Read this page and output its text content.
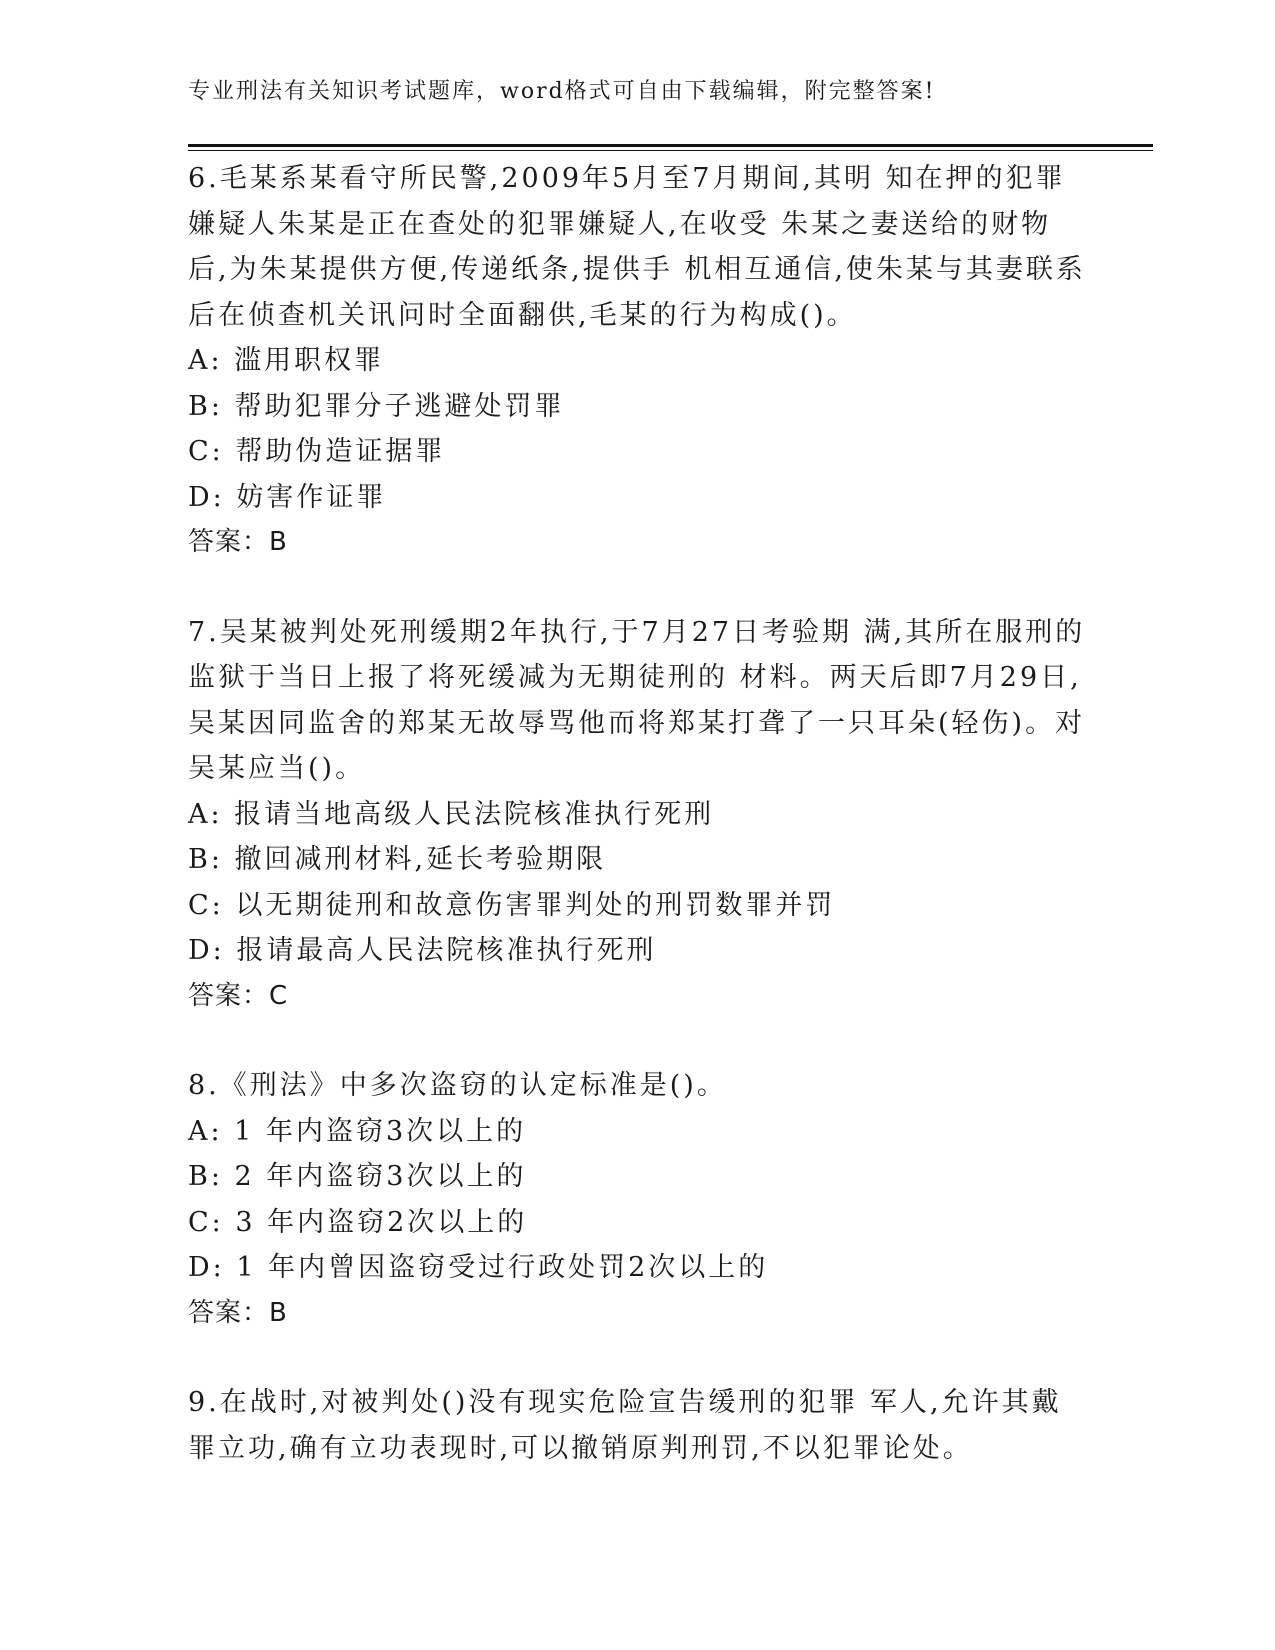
专业刑法有关知识考试题库，word格式可自由下载编辑，附完整答案!
6.毛某系某看守所民警,2009年5月至7月期间,其明 知在押的犯罪嫌疑人朱某是正在查处的犯罪嫌疑人,在收受 朱某之妻送给的财物后,为朱某提供方便,传递纸条,提供手 机相互通信,使朱某与其妻联系后在侦查机关讯问时全面翻供,毛某的行为构成()。
A: 滥用职权罪
B: 帮助犯罪分子逃避处罚罪
C: 帮助伪造证据罪
D: 妨害作证罪
答案：B
7.吴某被判处死刑缓期2年执行,于7月27日考验期 满,其所在服刑的监狱于当日上报了将死缓减为无期徒刑的 材料。两天后即7月29日,吴某因同监舍的郑某无故辱骂他而将郑某打聋了一只耳朵(轻伤)。对吴某应当()。
A: 报请当地高级人民法院核准执行死刑
B: 撤回减刑材料,延长考验期限
C: 以无期徒刑和故意伤害罪判处的刑罚数罪并罚
D: 报请最高人民法院核准执行死刑
答案：C
8.《刑法》中多次盗窃的认定标准是()。
A: 1 年内盗窃3次以上的
B: 2 年内盗窃3次以上的
C: 3 年内盗窃2次以上的
D: 1 年内曾因盗窃受过行政处罚2次以上的
答案：B
9.在战时,对被判处()没有现实危险宣告缓刑的犯罪 军人,允许其戴罪立功,确有立功表现时,可以撤销原判刑罚,不以犯罪论处。
